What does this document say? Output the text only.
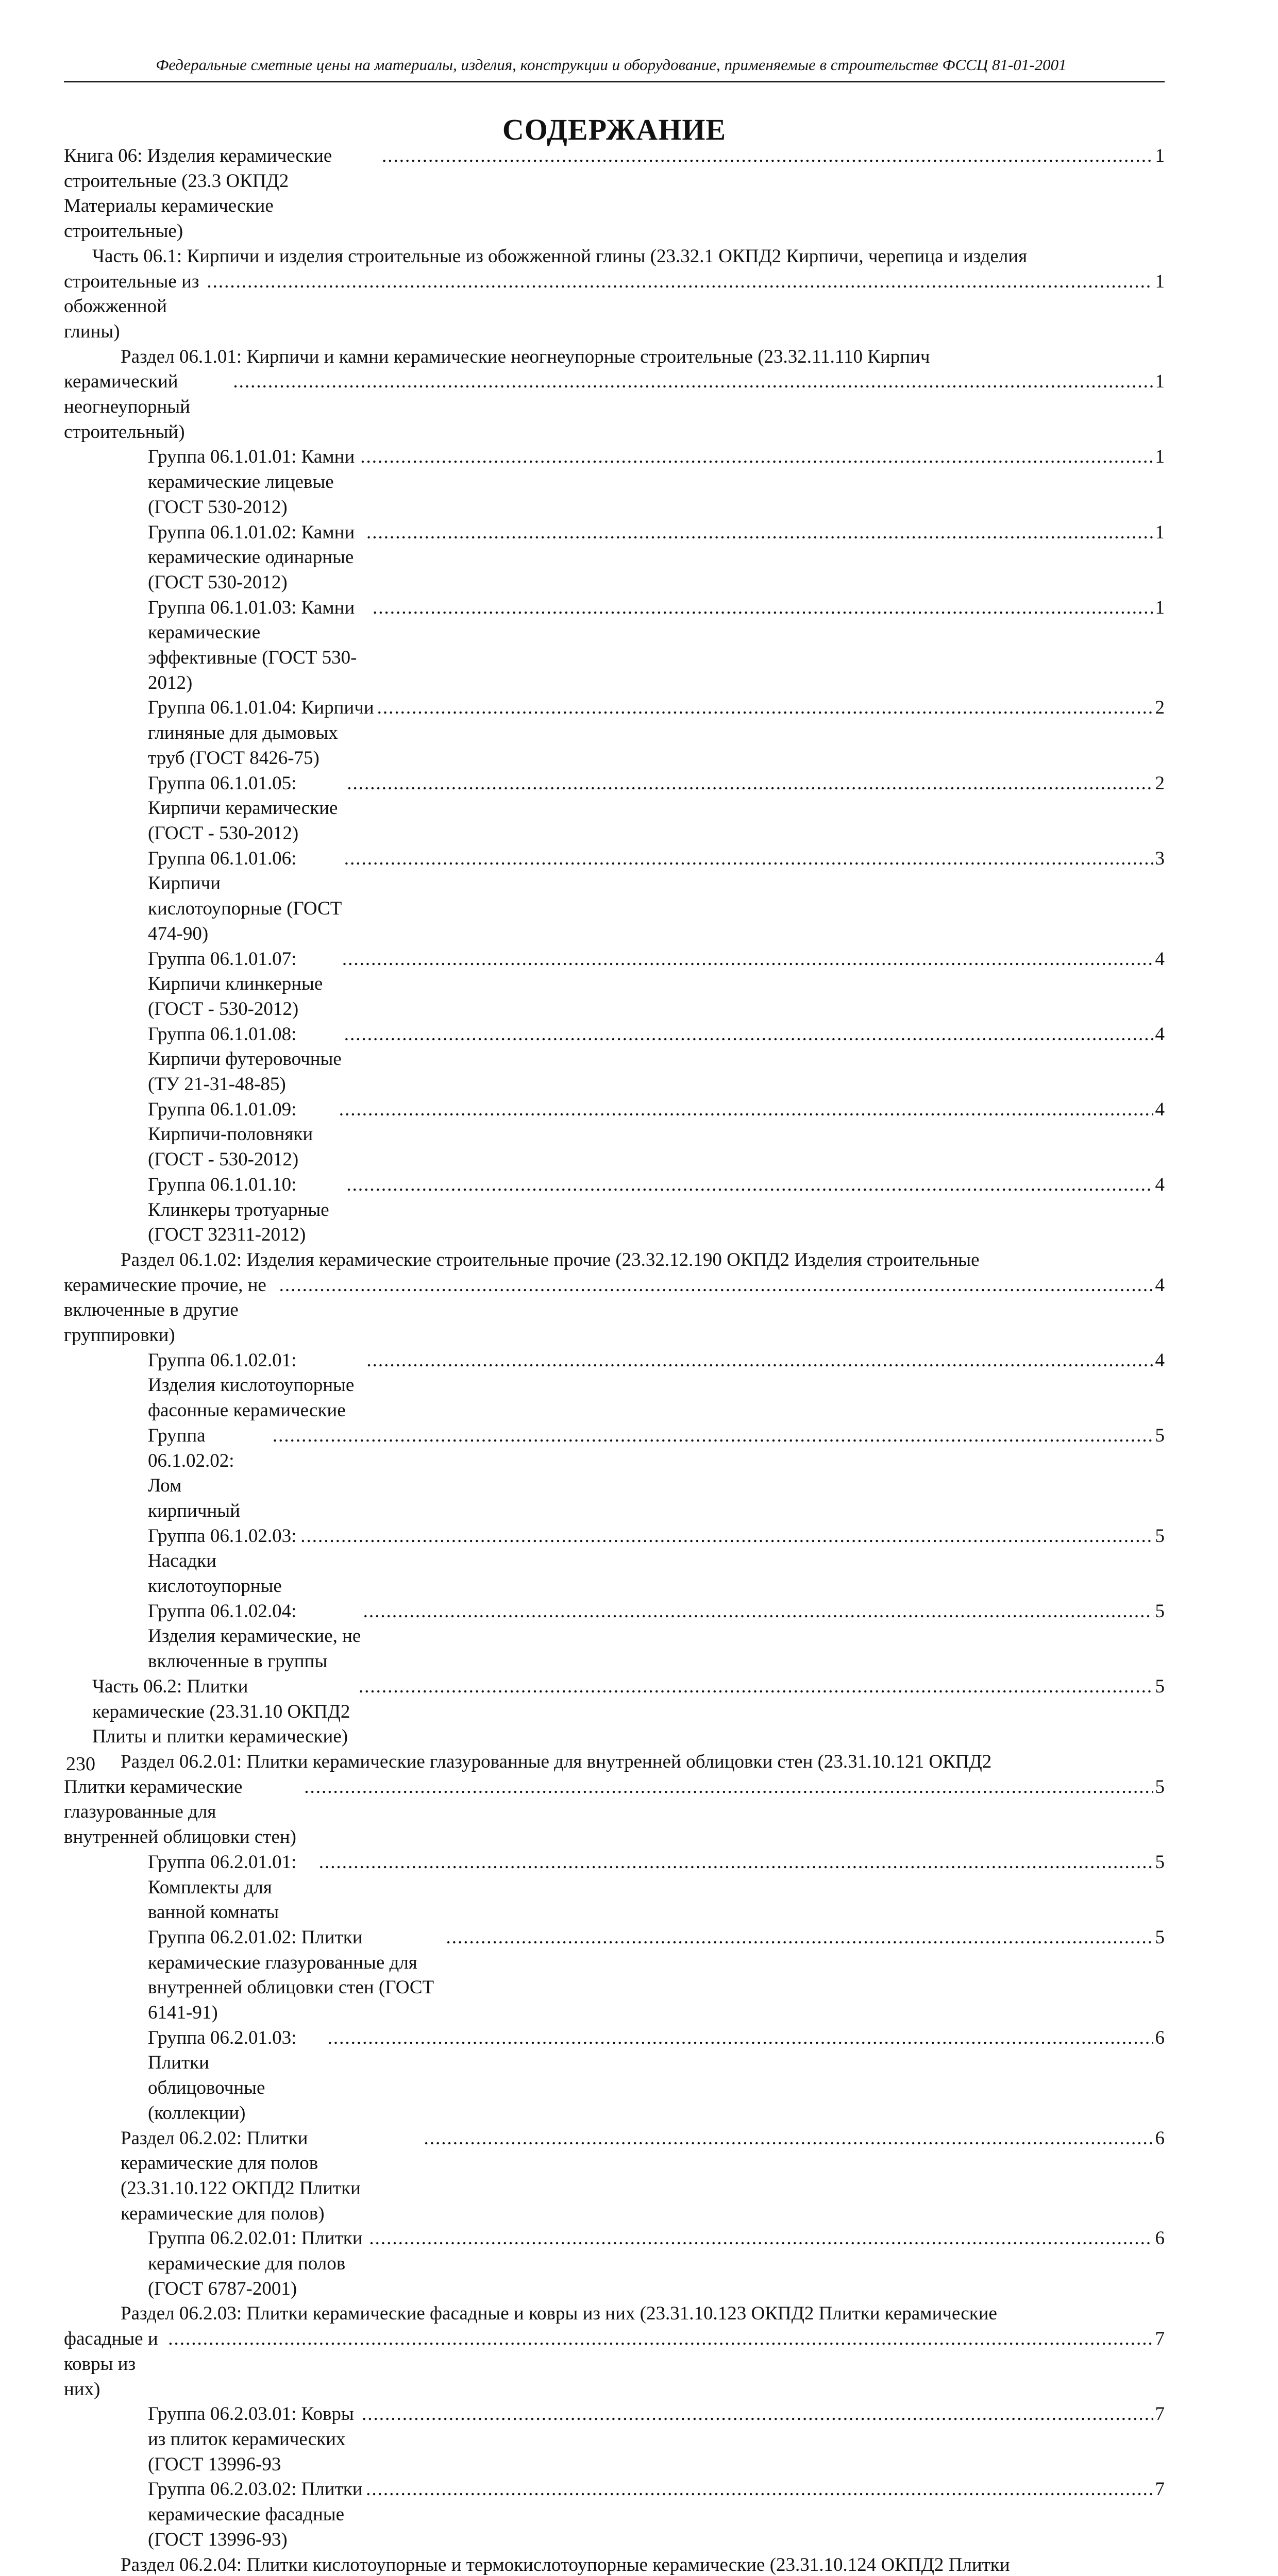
Федеральные сметные цены на материалы, изделия, конструкции и оборудование, применяемые в строительстве ФССЦ 81-01-2001
СОДЕРЖАНИЕ
Книга 06: Изделия керамические строительные (23.3 ОКПД2 Материалы керамические строительные)
.....
1
Часть 06.1: Кирпичи и изделия строительные из обожженной глины (23.32.1 ОКПД2 Кирпичи, черепица и изделия
строительные из обожженной глины)
.....
1
Раздел 06.1.01: Кирпичи и камни керамические неогнеупорные строительные (23.32.11.110 Кирпич
керамический неогнеупорный строительный)
.....
1
Группа 06.1.01.01: Камни керамические лицевые (ГОСТ 530-2012)
.....
1
Группа 06.1.01.02: Камни керамические одинарные (ГОСТ 530-2012)
.....
1
Группа 06.1.01.03: Камни керамические эффективные (ГОСТ 530-2012)
.....
1
Группа 06.1.01.04: Кирпичи глиняные для дымовых труб (ГОСТ 8426-75)
.....
2
Группа 06.1.01.05: Кирпичи керамические (ГОСТ - 530-2012)
.....
2
Группа 06.1.01.06: Кирпичи кислотоупорные (ГОСТ 474-90)
.....
3
Группа 06.1.01.07: Кирпичи клинкерные (ГОСТ - 530-2012)
.....
4
Группа 06.1.01.08: Кирпичи футеровочные (ТУ 21-31-48-85)
.....
4
Группа 06.1.01.09: Кирпичи-половняки (ГОСТ - 530-2012)
.....
4
Группа 06.1.01.10: Клинкеры тротуарные (ГОСТ 32311-2012)
.....
4
Раздел 06.1.02: Изделия керамические строительные прочие (23.32.12.190 ОКПД2 Изделия строительные
керамические прочие, не включенные в другие группировки)
.....
4
Группа 06.1.02.01: Изделия кислотоупорные фасонные керамические
.....
4
Группа 06.1.02.02: Лом кирпичный
.....
5
Группа 06.1.02.03: Насадки кислотоупорные
.....
5
Группа 06.1.02.04: Изделия керамические, не включенные в группы
.....
5
Часть 06.2: Плитки керамические (23.31.10 ОКПД2 Плиты и плитки керамические)
.....
5
Раздел 06.2.01: Плитки керамические глазурованные для внутренней облицовки стен (23.31.10.121 ОКПД2
Плитки керамические глазурованные для внутренней облицовки стен)
.....
5
Группа 06.2.01.01: Комплекты для ванной комнаты
.....
5
Группа 06.2.01.02: Плитки керамические глазурованные для внутренней облицовки стен (ГОСТ 6141-91)
.....
5
Группа 06.2.01.03: Плитки облицовочные (коллекции)
.....
6
Раздел 06.2.02: Плитки керамические для полов (23.31.10.122 ОКПД2 Плитки керамические для полов)
.....
6
Группа 06.2.02.01: Плитки керамические для полов (ГОСТ 6787-2001)
.....
6
Раздел 06.2.03: Плитки керамические фасадные и ковры из них (23.31.10.123 ОКПД2 Плитки керамические
фасадные и ковры из них)
.....
7
Группа 06.2.03.01: Ковры из плиток керамических (ГОСТ 13996-93
.....
7
Группа 06.2.03.02: Плитки керамические фасадные (ГОСТ 13996-93)
.....
7
Раздел 06.2.04: Плитки кислотоупорные и термокислотоупорные керамические (23.31.10.124 ОКПД2 Плитки
230
